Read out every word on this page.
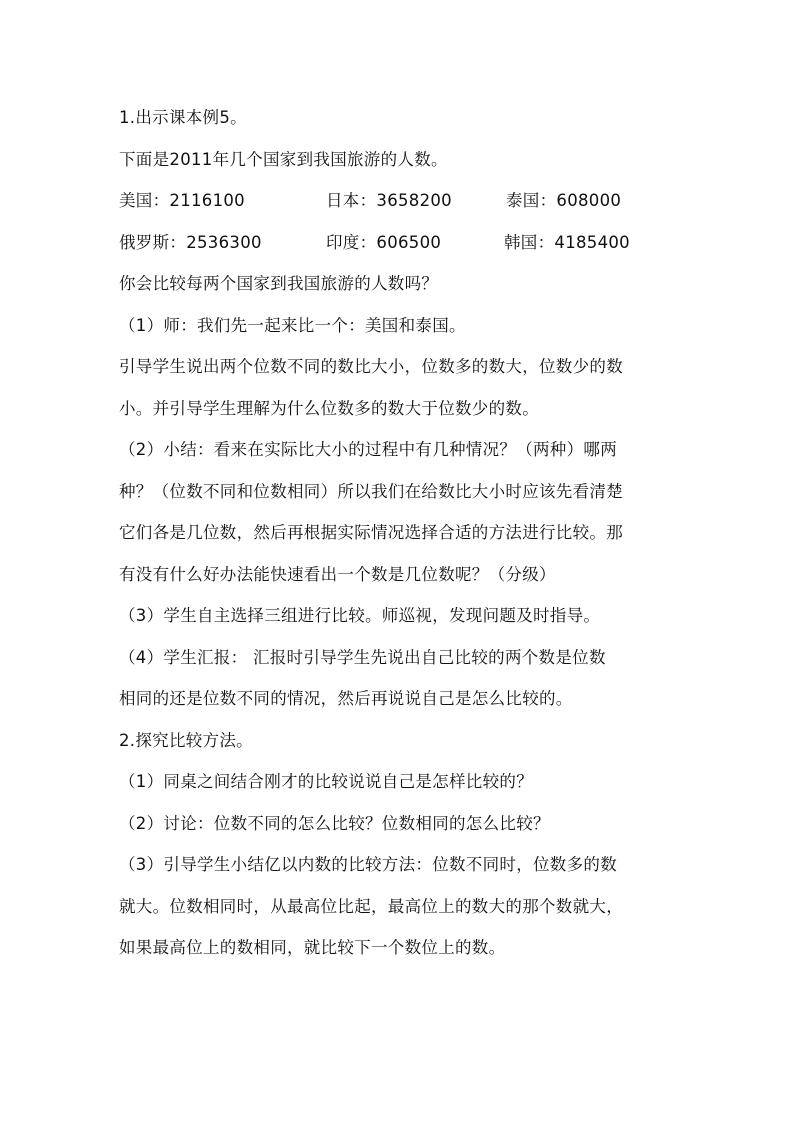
1.出示课本例5。
下面是2011年几个国家到我国旅游的人数。
美国：2116100	日本：3658200	泰国：608000
俄罗斯：2536300	印度：606500	韩国：4185400
你会比较每两个国家到我国旅游的人数吗？
（1）师：我们先一起来比一个：美国和泰国。
引导学生说出两个位数不同的数比大小，位数多的数大，位数少的数
小。并引导学生理解为什么位数多的数大于位数少的数。
（2）小结：看来在实际比大小的过程中有几种情况？（两种）哪两
种？（位数不同和位数相同）所以我们在给数比大小时应该先看清楚
它们各是几位数，然后再根据实际情况选择合适的方法进行比较。那
有没有什么好办法能快速看出一个数是几位数呢？（分级）
（3）学生自主选择三组进行比较。师巡视，发现问题及时指导。
（4）学生汇报： 汇报时引导学生先说出自己比较的两个数是位数
相同的还是位数不同的情况，然后再说说自己是怎么比较的。
2.探究比较方法。
（1）同桌之间结合刚才的比较说说自己是怎样比较的？
（2）讨论：位数不同的怎么比较？位数相同的怎么比较？
（3）引导学生小结亿以内数的比较方法：位数不同时，位数多的数
就大。位数相同时，从最高位比起，最高位上的数大的那个数就大，
如果最高位上的数相同，就比较下一个数位上的数。
